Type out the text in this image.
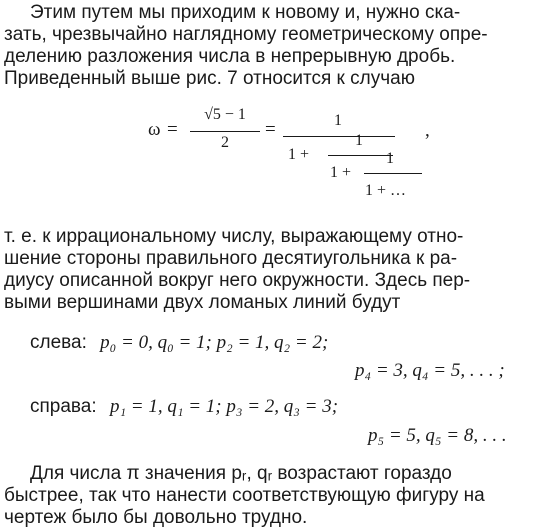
Этим путем мы приходим к новому и, нужно ска-
зать, чрезвычайно наглядному геометрическому опре-
делению разложения числа в непрерывную дробь.
Приведенный выше рис. 7 относится к случаю
ω =
√5 − 1
2
=	1
1 +
1
1 +
1
1 + …
,
т. е. к иррациональному числу, выражающему отно-
шение стороны правильного десятиугольника к ра-
диусу описанной вокруг него окружности. Здесь пер-
выми вершинами двух ломаных линий будут
слева: p₀ = 0, q₀ = 1; p₂ = 1, q₂ = 2;
p₄ = 3, q₄ = 5, . . . ;
справа: p₁ = 1, q₁ = 1; p₃ = 2, q₃ = 3;
p₅ = 5, q₅ = 8, . . .
Для числа π значения pᵣ, qᵣ возрастают гораздо
быстрее, так что нанести соответствующую фигуру на
чертеж было бы довольно трудно.
